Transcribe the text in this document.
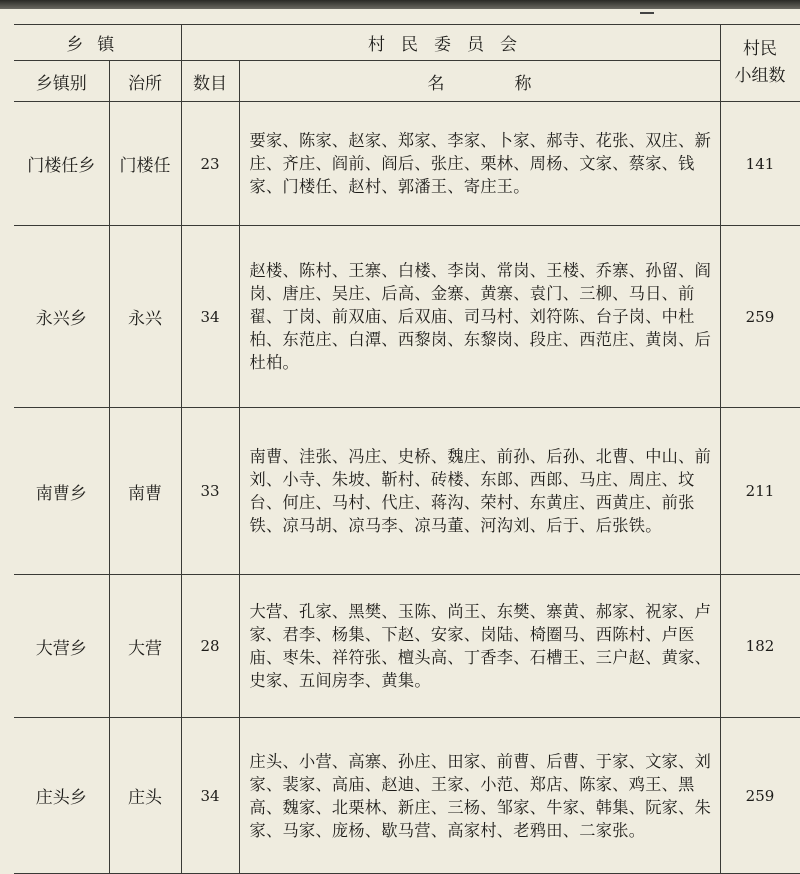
乡镇		村民委员会		村民
小组数

乡镇别	治所	数目	名称	
门楼任乡	门楼任	23	要家、陈家、赵家、郑家、李家、卜家、郝寺、花张、双庄、新庄、齐庄、阎前、阎后、张庄、栗林、周杨、文家、蔡家、钱家、门楼任、赵村、郭潘王、寄庄王。	141
永兴乡	永兴	34	赵楼、陈村、王寨、白楼、李岗、常岗、王楼、乔寨、孙留、阎岗、唐庄、吴庄、后高、金寨、黄寨、袁门、三柳、马日、前翟、丁岗、前双庙、后双庙、司马村、刘符陈、台子岗、中杜柏、东范庄、白潭、西黎岗、东黎岗、段庄、西范庄、黄岗、后杜柏。	259
南曹乡	南曹	33	南曹、洼张、冯庄、史桥、魏庄、前孙、后孙、北曹、中山、前刘、小寺、朱坡、靳村、砖楼、东郎、西郎、马庄、周庄、坟台、何庄、马村、代庄、蒋沟、荣村、东黄庄、西黄庄、前张铁、凉马胡、凉马李、凉马董、河沟刘、后于、后张铁。	211
大营乡	大营	28	大营、孔家、黑樊、玉陈、尚王、东樊、寨黄、郝家、祝家、卢家、君李、杨集、下赵、安家、岗陆、椅圈马、西陈村、卢医庙、枣朱、祥符张、檀头高、丁香李、石槽王、三户赵、黄家、史家、五间房李、黄集。	182
庄头乡	庄头	34	庄头、小营、高寨、孙庄、田家、前曹、后曹、于家、文家、刘家、裴家、高庙、赵迪、王家、小范、郑店、陈家、鸡王、黑高、魏家、北栗林、新庄、三杨、邹家、牛家、韩集、阮家、朱家、马家、庞杨、歇马营、高家村、老鸦田、二家张。	259
